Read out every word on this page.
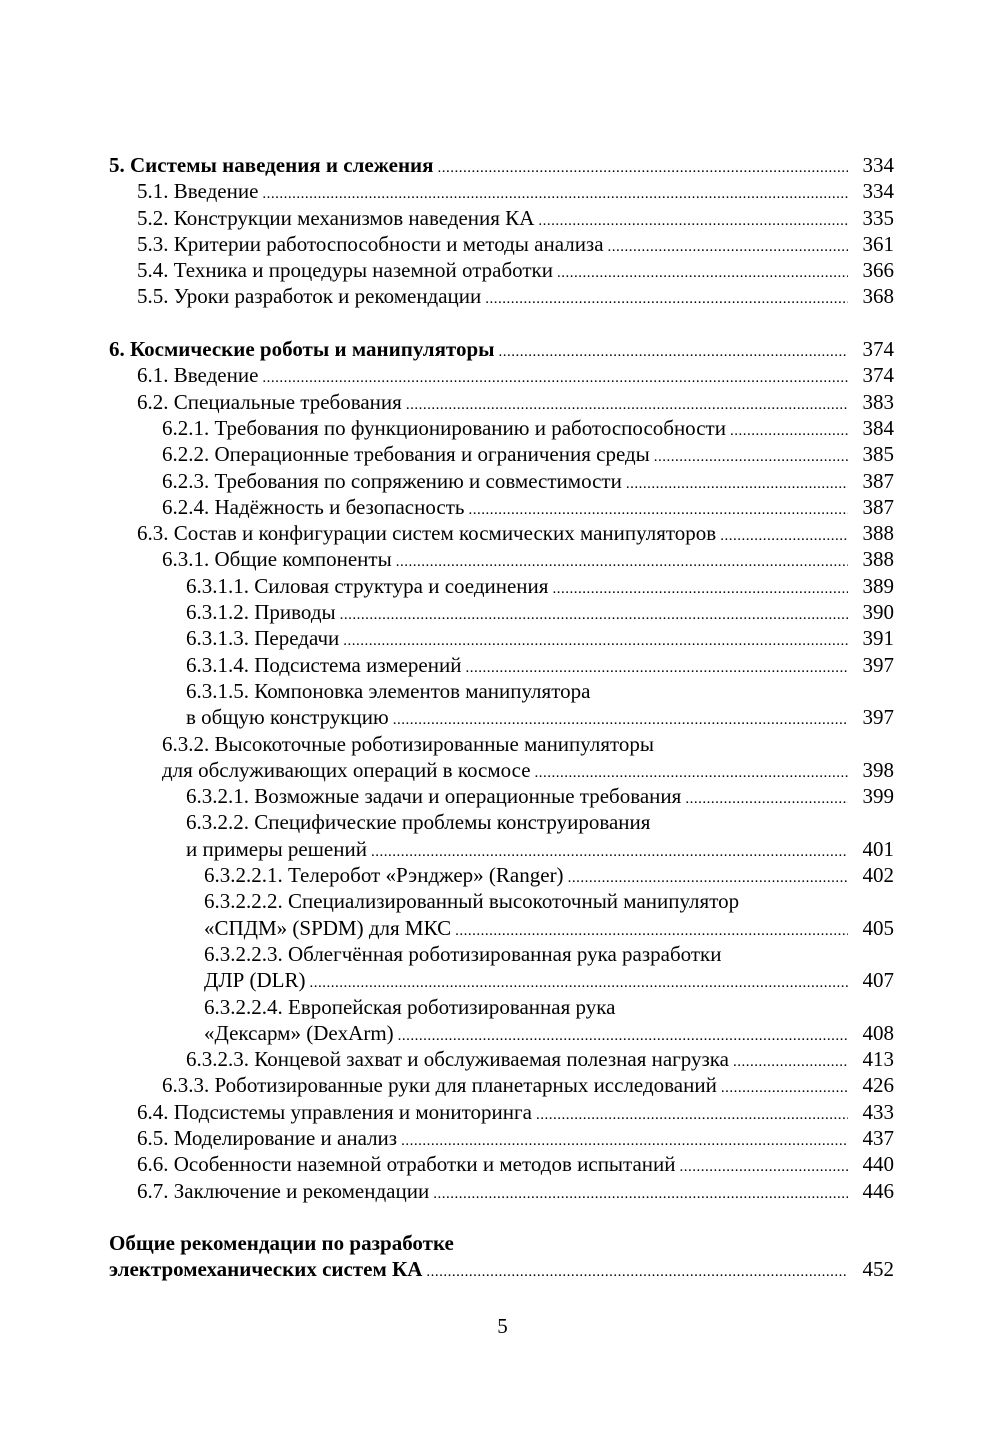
5. Системы наведения и слежения .....	334
5.1. Введение .....	334
5.2. Конструкции механизмов наведения КА .....	335
5.3. Критерии работоспособности и методы анализа .....	361
5.4. Техника и процедуры наземной отработки .....	366
5.5. Уроки разработок и рекомендации .....	368
6. Космические роботы и манипуляторы .....	374
6.1. Введение .....	374
6.2. Специальные требования .....	383
6.2.1. Требования по функционированию и работоспособности .....	384
6.2.2. Операционные требования и ограничения среды .....	385
6.2.3. Требования по сопряжению и совместимости .....	387
6.2.4. Надёжность и безопасность .....	387
6.3. Состав и конфигурации систем космических манипуляторов .....	388
6.3.1. Общие компоненты .....	388
6.3.1.1. Силовая структура и соединения .....	389
6.3.1.2. Приводы .....	390
6.3.1.3. Передачи .....	391
6.3.1.4. Подсистема измерений .....	397
6.3.1.5. Компоновка элементов манипулятора
в общую конструкцию .....	397
6.3.2. Высокоточные роботизированные манипуляторы
для обслуживающих операций в космосе .....	398
6.3.2.1. Возможные задачи и операционные требования .....	399
6.3.2.2. Специфические проблемы конструирования
и примеры решений .....	401
6.3.2.2.1. Телеробот «Рэнджер» (Ranger) .....	402
6.3.2.2.2. Специализированный высокоточный манипулятор
«СПДМ» (SPDM) для МКС .....	405
6.3.2.2.3. Облегчённая роботизированная рука разработки
ДЛР (DLR) .....	407
6.3.2.2.4. Европейская роботизированная рука
«Дексарм» (DexArm) .....	408
6.3.2.3. Концевой захват и обслуживаемая полезная нагрузка .....	413
6.3.3. Роботизированные руки для планетарных исследований .....	426
6.4. Подсистемы управления и мониторинга .....	433
6.5. Моделирование и анализ .....	437
6.6. Особенности наземной отработки и методов испытаний .....	440
6.7. Заключение и рекомендации .....	446
Общие рекомендации по разработке
электромеханических систем КА .....	452
5
